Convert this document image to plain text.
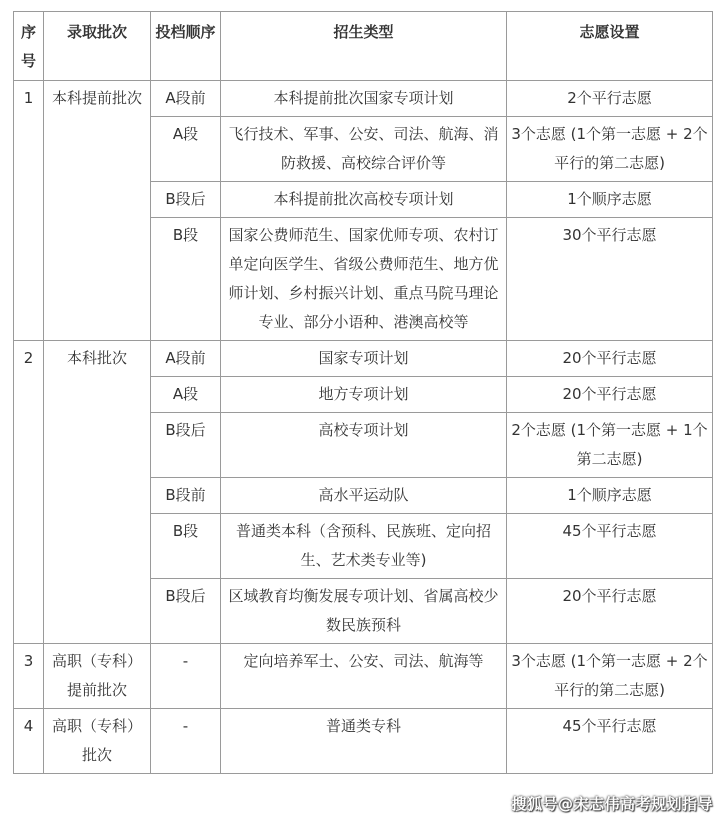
序号	录取批次	投档顺序	招生类型	志愿设置
1	本科提前批次	A段前	本科提前批次国家专项计划	2个平行志愿
		A段	飞行技术、军事、公安、司法、航海、消防救援、高校综合评价等	3个志愿 (1个第一志愿 + 2个平行的第二志愿)
		B段后	本科提前批次高校专项计划	1个顺序志愿
		B段	国家公费师范生、国家优师专项、农村订单定向医学生、省级公费师范生、地方优师计划、乡村振兴计划、重点马院马理论专业、部分小语种、港澳高校等	30个平行志愿
2	本科批次	A段前	国家专项计划	20个平行志愿
		A段	地方专项计划	20个平行志愿
		B段后	高校专项计划	2个志愿 (1个第一志愿 + 1个第二志愿)
		B段前	高水平运动队	1个顺序志愿
		B段	普通类本科（含预科、民族班、定向招生、艺术类专业等)	45个平行志愿
		B段后	区域教育均衡发展专项计划、省属高校少数民族预科	20个平行志愿
3	高职（专科）提前批次	-	定向培养军士、公安、司法、航海等	3个志愿 (1个第一志愿 + 2个平行的第二志愿)
4	高职（专科）批次	-	普通类专科	45个平行志愿
搜狐号@宋志伟高考规划指导
